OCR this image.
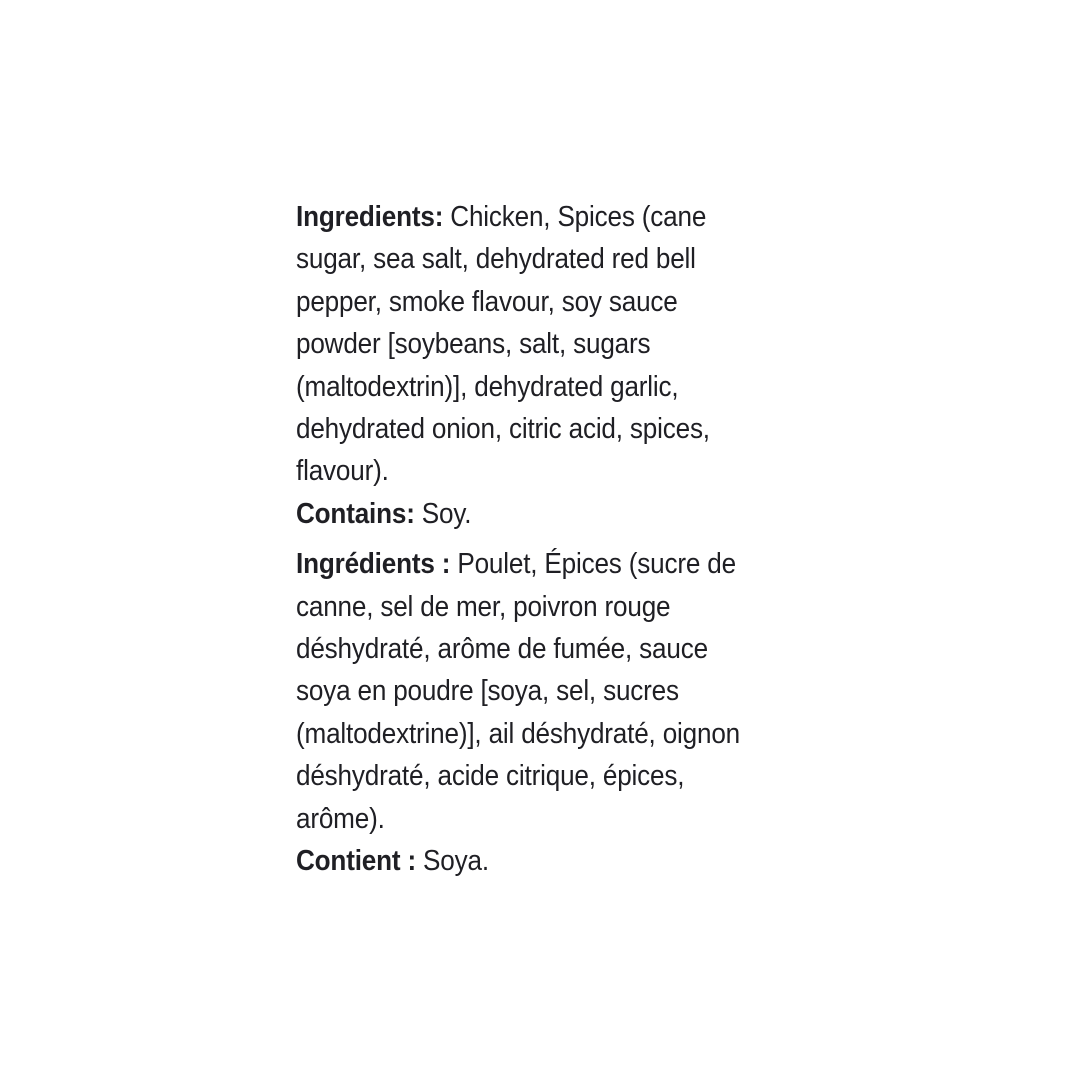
Ingredients: Chicken, Spices (cane
sugar, sea salt, dehydrated red bell
pepper, smoke flavour, soy sauce
powder [soybeans, salt, sugars
(maltodextrin)], dehydrated garlic,
dehydrated onion, citric acid, spices,
flavour).
Contains: Soy.
Ingrédients : Poulet, Épices (sucre de
canne, sel de mer, poivron rouge
déshydraté, arôme de fumée, sauce
soya en poudre [soya, sel, sucres
(maltodextrine)], ail déshydraté, oignon
déshydraté, acide citrique, épices,
arôme).
Contient : Soya.
